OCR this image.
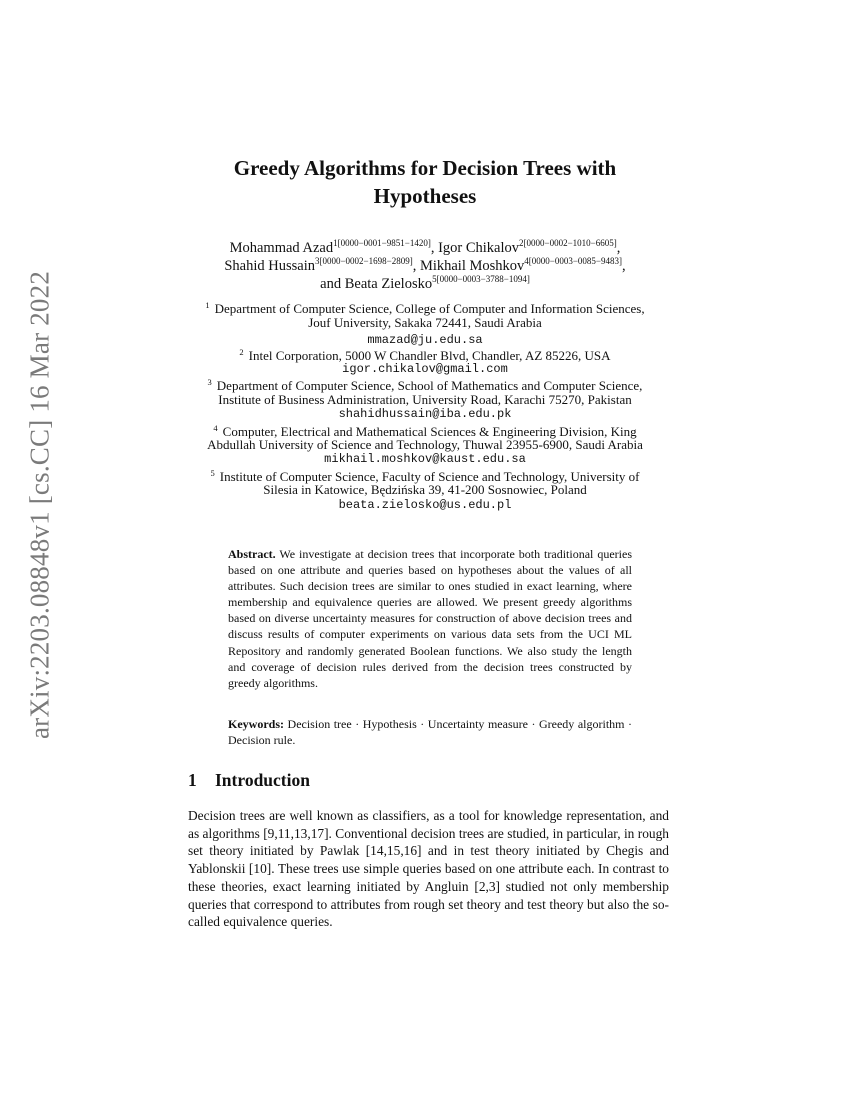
arXiv:2203.08848v1 [cs.CC] 16 Mar 2022
Greedy Algorithms for Decision Trees with
Hypotheses
Mohammad Azad$^{1[0000-0001-9851-1420]}$, Igor Chikalov$^{2[0000-0002-1010-6605]}$,
Shahid Hussain$^{3[0000-0002-1698-2809]}$, Mikhail Moshkov$^{4[0000-0003-0085-9483]}$,
and Beata Zielosko$^{5[0000-0003-3788-1094]}$
$^1$ Department of Computer Science, College of Computer and Information Sciences,
Jouf University, Sakaka 72441, Saudi Arabia
mmazad@ju.edu.sa
$^2$ Intel Corporation, 5000 W Chandler Blvd, Chandler, AZ 85226, USA
igor.chikalov@gmail.com
$^3$ Department of Computer Science, School of Mathematics and Computer Science,
Institute of Business Administration, University Road, Karachi 75270, Pakistan
shahidhussain@iba.edu.pk
$^4$ Computer, Electrical and Mathematical Sciences & Engineering Division, King
Abdullah University of Science and Technology, Thuwal 23955-6900, Saudi Arabia
mikhail.moshkov@kaust.edu.sa
$^5$ Institute of Computer Science, Faculty of Science and Technology, University of
Silesia in Katowice, Będzińska 39, 41-200 Sosnowiec, Poland
beata.zielosko@us.edu.pl

Abstract. We investigate at decision trees that incorporate both traditional queries based on one attribute and queries based on hypotheses about the values of all attributes. Such decision trees are similar to ones studied in exact learning, where membership and equivalence queries are allowed. We present greedy algorithms based on diverse uncertainty measures for construction of above decision trees and discuss results of computer experiments on various data sets from the UCI ML Repository and randomly generated Boolean functions. We also study the length and coverage of decision rules derived from the decision trees constructed by greedy algorithms.

Keywords: Decision tree · Hypothesis · Uncertainty measure · Greedy algorithm · Decision rule.

1 Introduction

Decision trees are well known as classifiers, as a tool for knowledge representation, and as algorithms [9,11,13,17]. Conventional decision trees are studied, in particular, in rough set theory initiated by Pawlak [14,15,16] and in test theory initiated by Chegis and Yablonskii [10]. These trees use simple queries based on one attribute each. In contrast to these theories, exact learning initiated by Angluin [2,3] studied not only membership queries that correspond to attributes from rough set theory and test theory but also the so-called equivalence queries.
